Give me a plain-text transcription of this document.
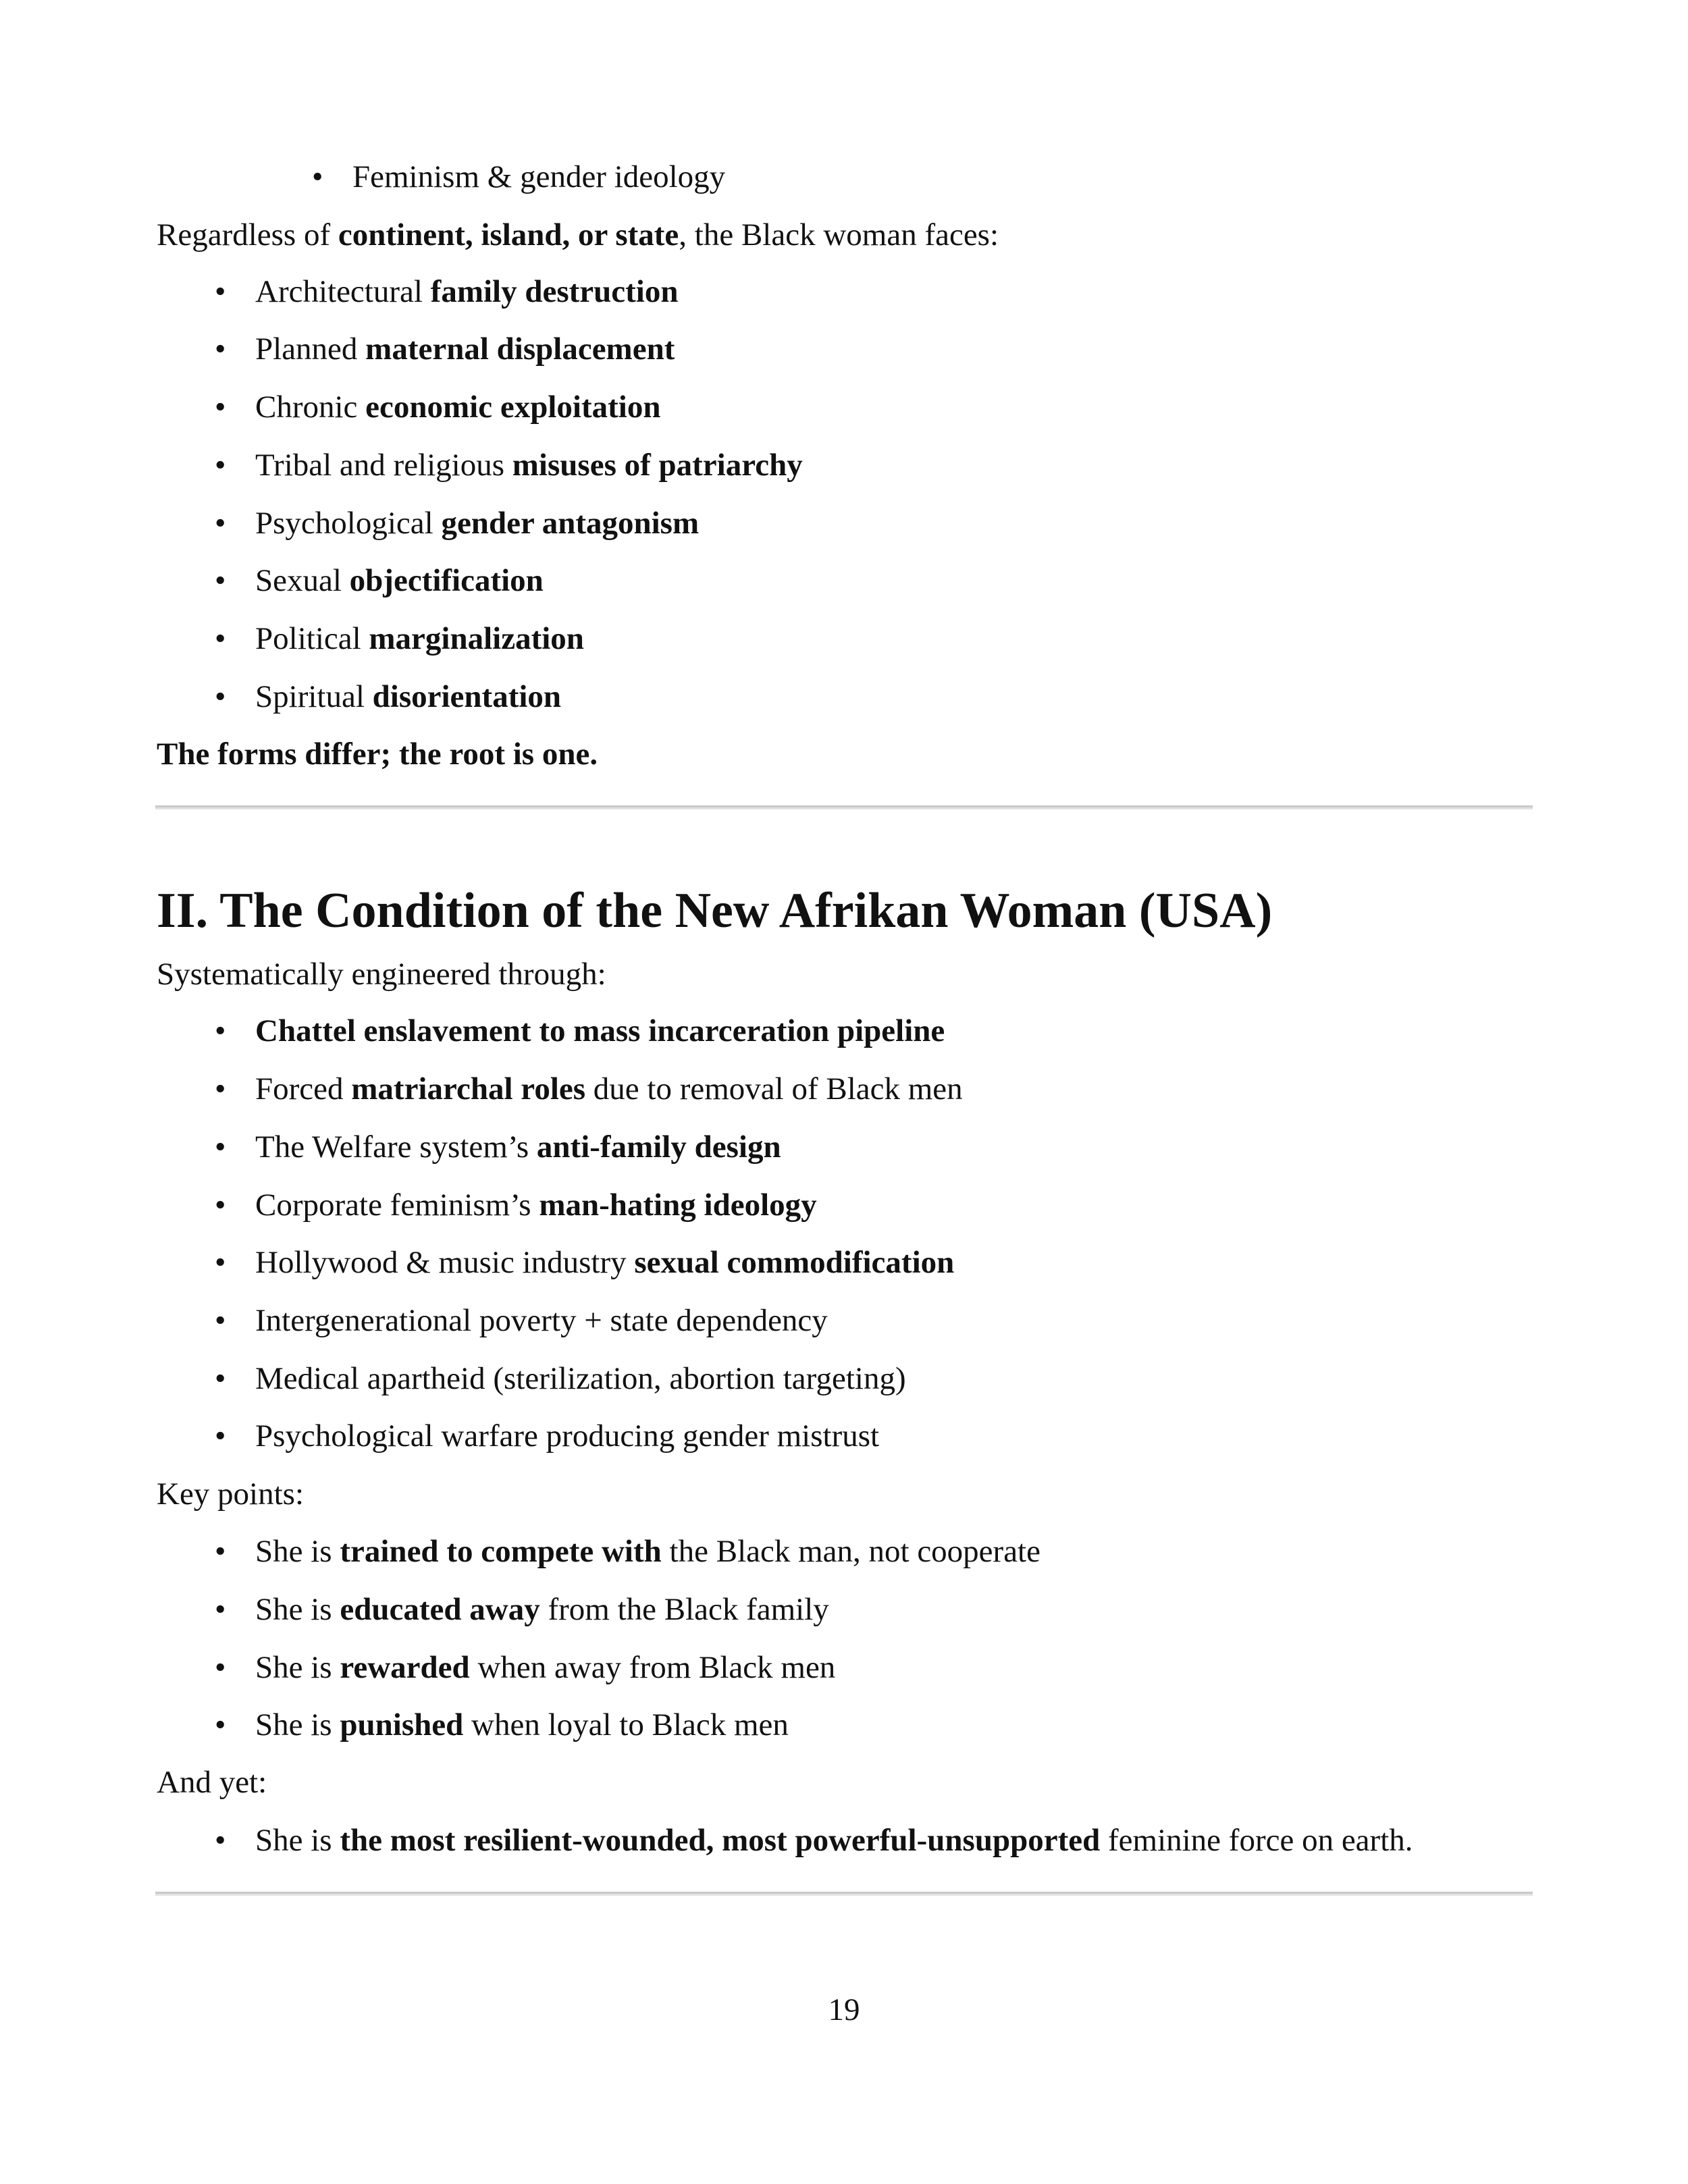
• Feminism & gender ideology
Regardless of continent, island, or state, the Black woman faces:
• Architectural family destruction
• Planned maternal displacement
• Chronic economic exploitation
• Tribal and religious misuses of patriarchy
• Psychological gender antagonism
• Sexual objectification
• Political marginalization
• Spiritual disorientation
The forms differ; the root is one.
II. The Condition of the New Afrikan Woman (USA)
Systematically engineered through:
• Chattel enslavement to mass incarceration pipeline
• Forced matriarchal roles due to removal of Black men
• The Welfare system’s anti-family design
• Corporate feminism’s man-hating ideology
• Hollywood & music industry sexual commodification
• Intergenerational poverty + state dependency
• Medical apartheid (sterilization, abortion targeting)
• Psychological warfare producing gender mistrust
Key points:
• She is trained to compete with the Black man, not cooperate
• She is educated away from the Black family
• She is rewarded when away from Black men
• She is punished when loyal to Black men
And yet:
• She is the most resilient-wounded, most powerful-unsupported feminine force on earth.
19
